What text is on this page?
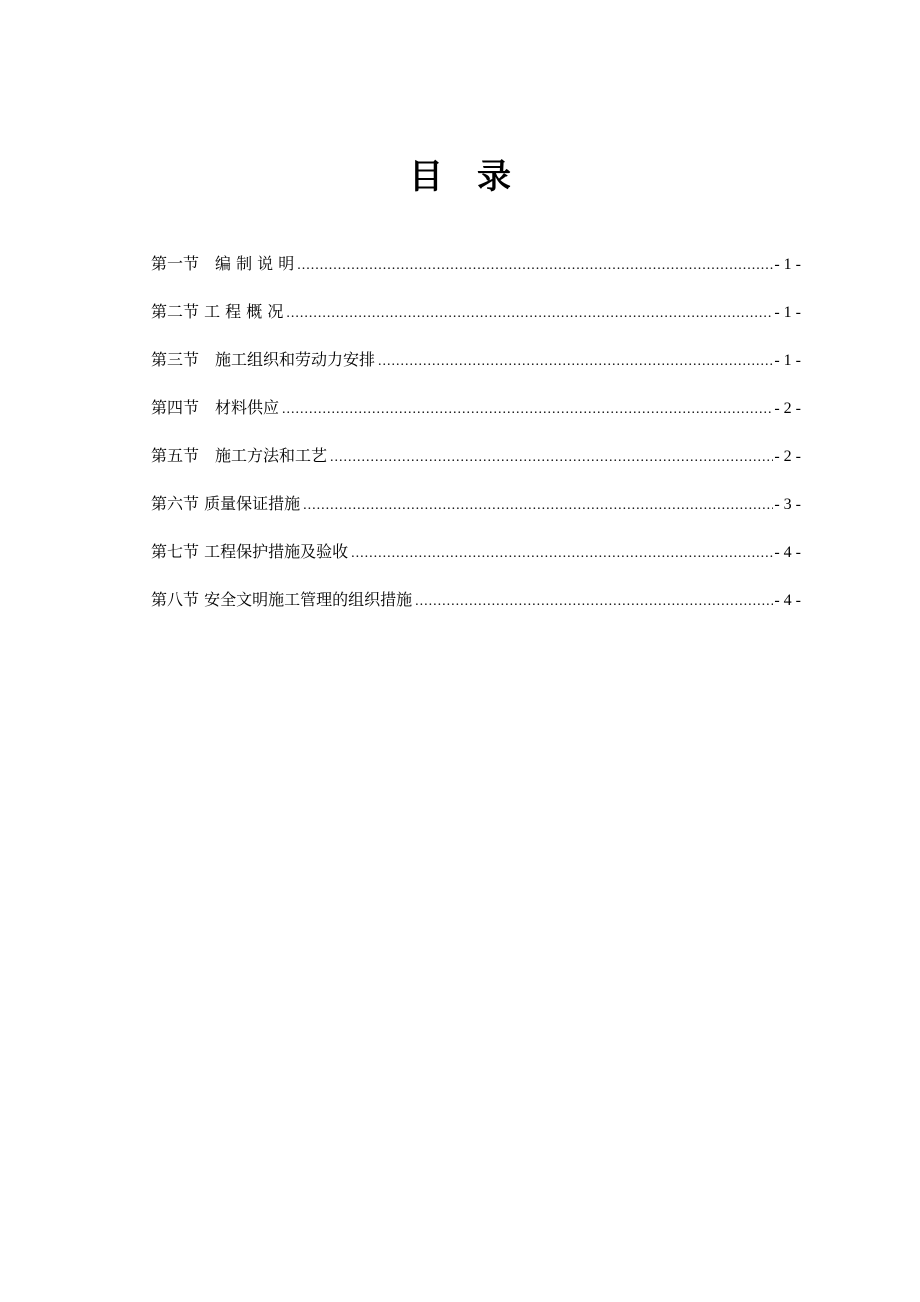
目　录
第一节　编 制 说 明 .....	- 1 -
第二节 工 程 概 况 .....	- 1 -
第三节　施工组织和劳动力安排 .....	- 1 -
第四节　材料供应 .....	- 2 -
第五节　施工方法和工艺 .....	- 2 -
第六节 质量保证措施 .....	- 3 -
第七节 工程保护措施及验收 .....	- 4 -
第八节 安全文明施工管理的组织措施 .....	- 4 -
